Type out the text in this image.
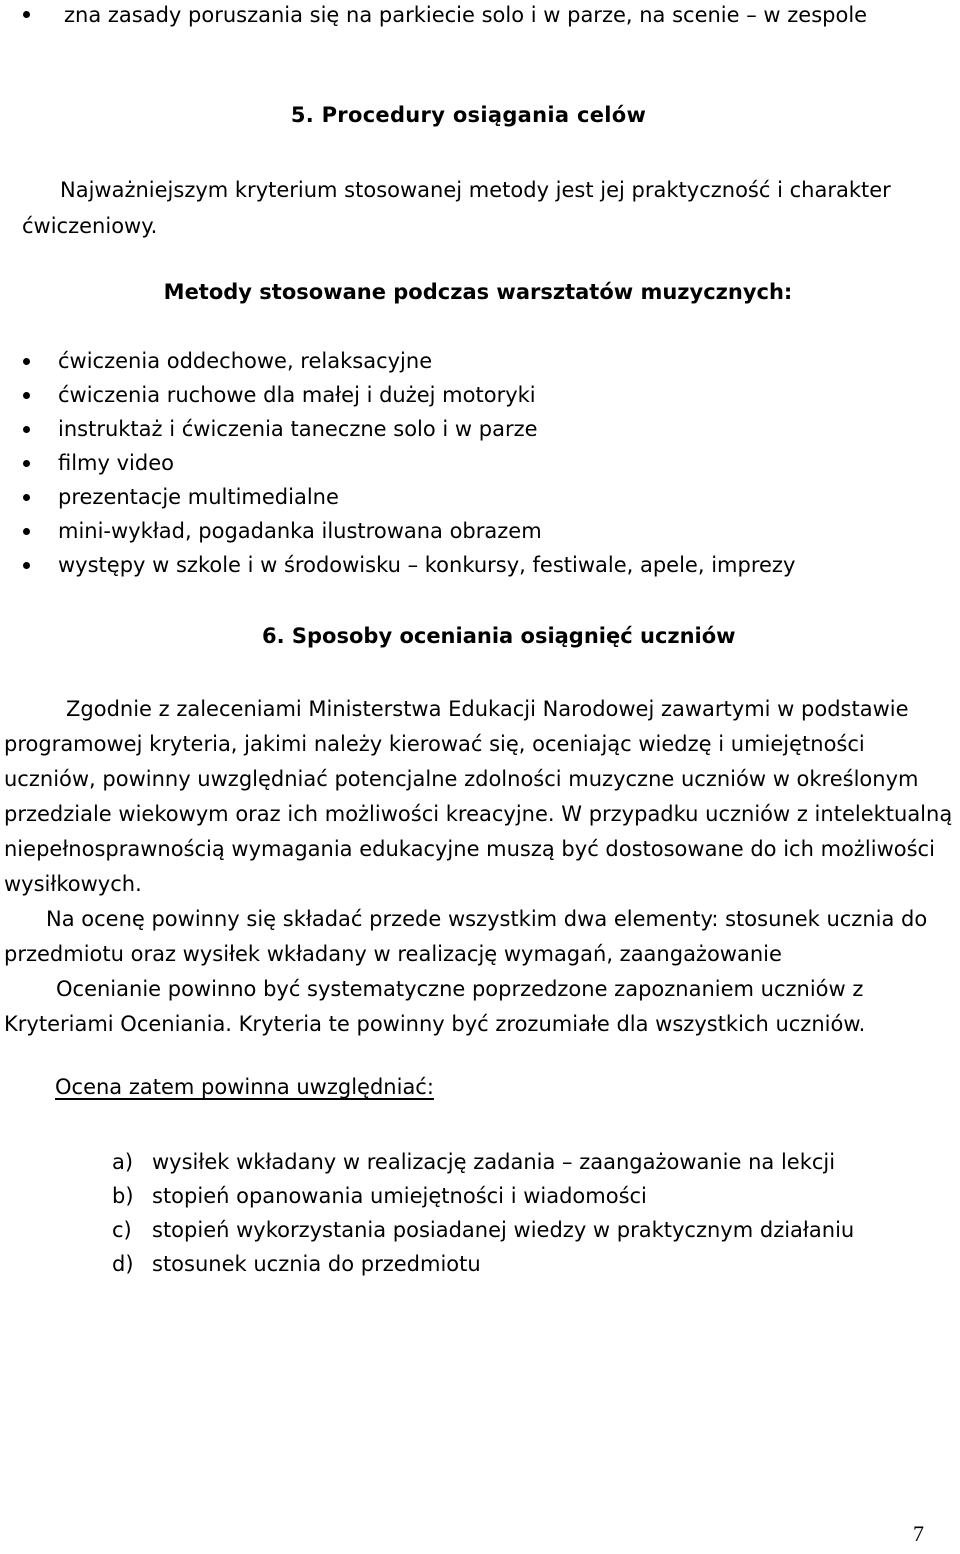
zna zasady poruszania się na parkiecie solo i w parze, na scenie – w zespole
5. Procedury osiągania celów

Najważniejszym kryterium stosowanej metody jest jej praktyczność i charakter ćwiczeniowy.

Metody stosowane podczas warsztatów muzycznych:
ćwiczenia oddechowe, relaksacyjne
ćwiczenia ruchowe dla małej i dużej motoryki
instruktaż i ćwiczenia taneczne solo i w parze
filmy video
prezentacje multimedialne
mini-wykład, pogadanka ilustrowana obrazem
występy w szkole i w środowisku – konkursy, festiwale, apele, imprezy
6. Sposoby oceniania osiągnięć uczniów

Zgodnie z zaleceniami Ministerstwa Edukacji Narodowej zawartymi w podstawie programowej kryteria, jakimi należy kierować się, oceniając wiedzę i umiejętności uczniów, powinny uwzględniać potencjalne zdolności muzyczne uczniów w określonym przedziale wiekowym oraz ich możliwości kreacyjne. W przypadku uczniów z intelektualną niepełnosprawnością wymagania edukacyjne muszą być dostosowane do ich możliwości wysiłkowych.

Na ocenę powinny się składać przede wszystkim dwa elementy: stosunek ucznia do przedmiotu oraz wysiłek wkładany w realizację wymagań, zaangażowanie

Ocenianie powinno być systematyczne poprzedzone zapoznaniem uczniów z Kryteriami Oceniania. Kryteria te powinny być zrozumiałe dla wszystkich uczniów.

Ocena zatem powinna uwzględniać:
a) wysiłek wkładany w realizację zadania – zaangażowanie na lekcji
b) stopień opanowania umiejętności i wiadomości
c) stopień wykorzystania posiadanej wiedzy w praktycznym działaniu
d) stosunek ucznia do przedmiotu
7
